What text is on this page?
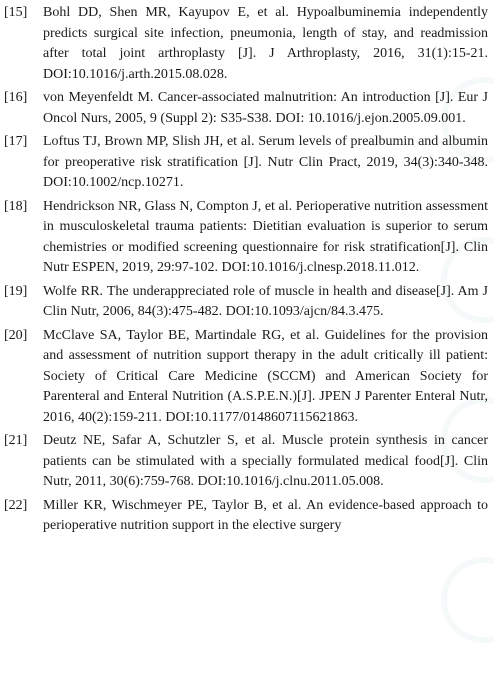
[15] Bohl DD, Shen MR, Kayupov E, et al. Hypoalbuminemia independently predicts surgical site infection, pneumonia, length of stay, and readmission after total joint arthroplasty [J]. J Arthroplasty, 2016, 31(1):15-21. DOI:10.1016/j.arth.2015.08.028.
[16] von Meyenfeldt M. Cancer-associated malnutrition: An introduction [J]. Eur J Oncol Nurs, 2005, 9 (Suppl 2): S35-S38. DOI: 10.1016/j.ejon.2005.09.001.
[17] Loftus TJ, Brown MP, Slish JH, et al. Serum levels of prealbumin and albumin for preoperative risk stratification [J]. Nutr Clin Pract, 2019, 34(3):340-348. DOI:10.1002/ncp.10271.
[18] Hendrickson NR, Glass N, Compton J, et al. Perioperative nutrition assessment in musculoskeletal trauma patients: Dietitian evaluation is superior to serum chemistries or modified screening questionnaire for risk stratification[J]. Clin Nutr ESPEN, 2019, 29:97-102. DOI:10.1016/j.clnesp.2018.11.012.
[19] Wolfe RR. The underappreciated role of muscle in health and disease[J]. Am J Clin Nutr, 2006, 84(3):475-482. DOI:10.1093/ajcn/84.3.475.
[20] McClave SA, Taylor BE, Martindale RG, et al. Guidelines for the provision and assessment of nutrition support therapy in the adult critically ill patient: Society of Critical Care Medicine (SCCM) and American Society for Parenteral and Enteral Nutrition (A.S.P.E.N.)[J]. JPEN J Parenter Enteral Nutr, 2016, 40(2):159-211. DOI:10.1177/0148607115621863.
[21] Deutz NE, Safar A, Schutzler S, et al. Muscle protein synthesis in cancer patients can be stimulated with a specially formulated medical food[J]. Clin Nutr, 2011, 30(6):759-768. DOI:10.1016/j.clnu.2011.05.008.
[22] Miller KR, Wischmeyer PE, Taylor B, et al. An evidence-based approach to perioperative nutrition support in the elective surgery
